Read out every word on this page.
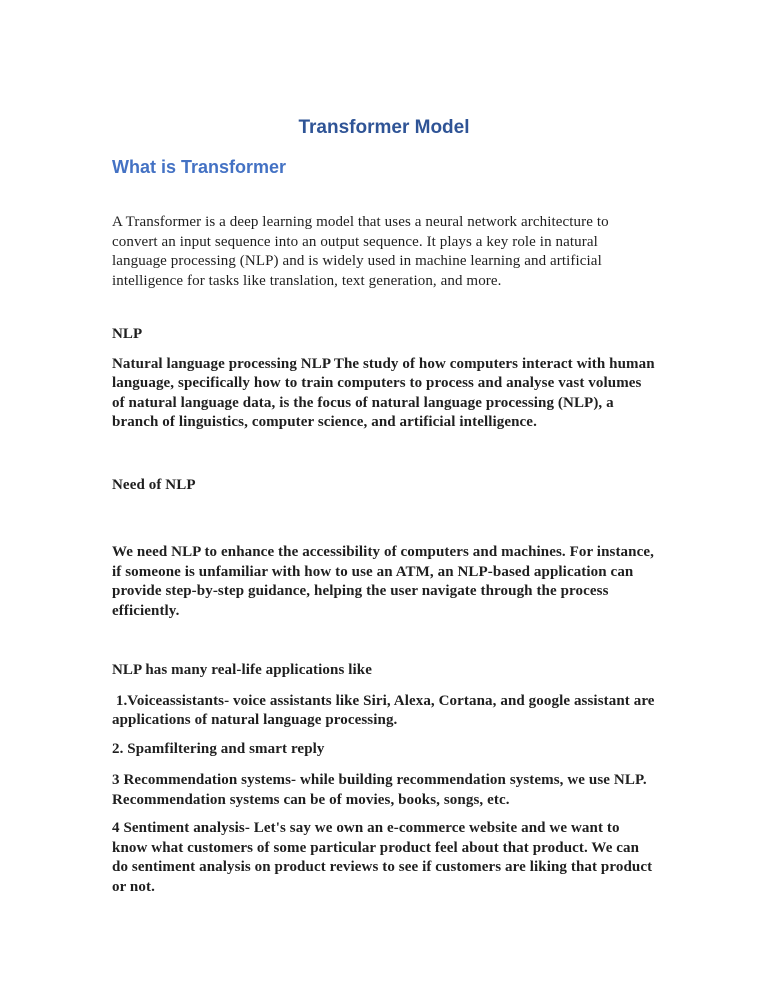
Transformer Model
What is Transformer

A Transformer is a deep learning model that uses a neural network architecture to convert an input sequence into an output sequence. It plays a key role in natural language processing (NLP) and is widely used in machine learning and artificial intelligence for tasks like translation, text generation, and more.

NLP

Natural language processing NLP The study of how computers interact with human language, specifically how to train computers to process and analyse vast volumes of natural language data, is the focus of natural language processing (NLP), a branch of linguistics, computer science, and artificial intelligence.

Need of NLP

We need NLP to enhance the accessibility of computers and machines. For instance, if someone is unfamiliar with how to use an ATM, an NLP-based application can provide step-by-step guidance, helping the user navigate through the process efficiently.

NLP has many real-life applications like

1.Voiceassistants- voice assistants like Siri, Alexa, Cortana, and google assistant are applications of natural language processing.

2. Spamfiltering and smart reply

3 Recommendation systems- while building recommendation systems, we use NLP. Recommendation systems can be of movies, books, songs, etc.

4 Sentiment analysis- Let's say we own an e-commerce website and we want to know what customers of some particular product feel about that product. We can do sentiment analysis on product reviews to see if customers are liking that product or not.
